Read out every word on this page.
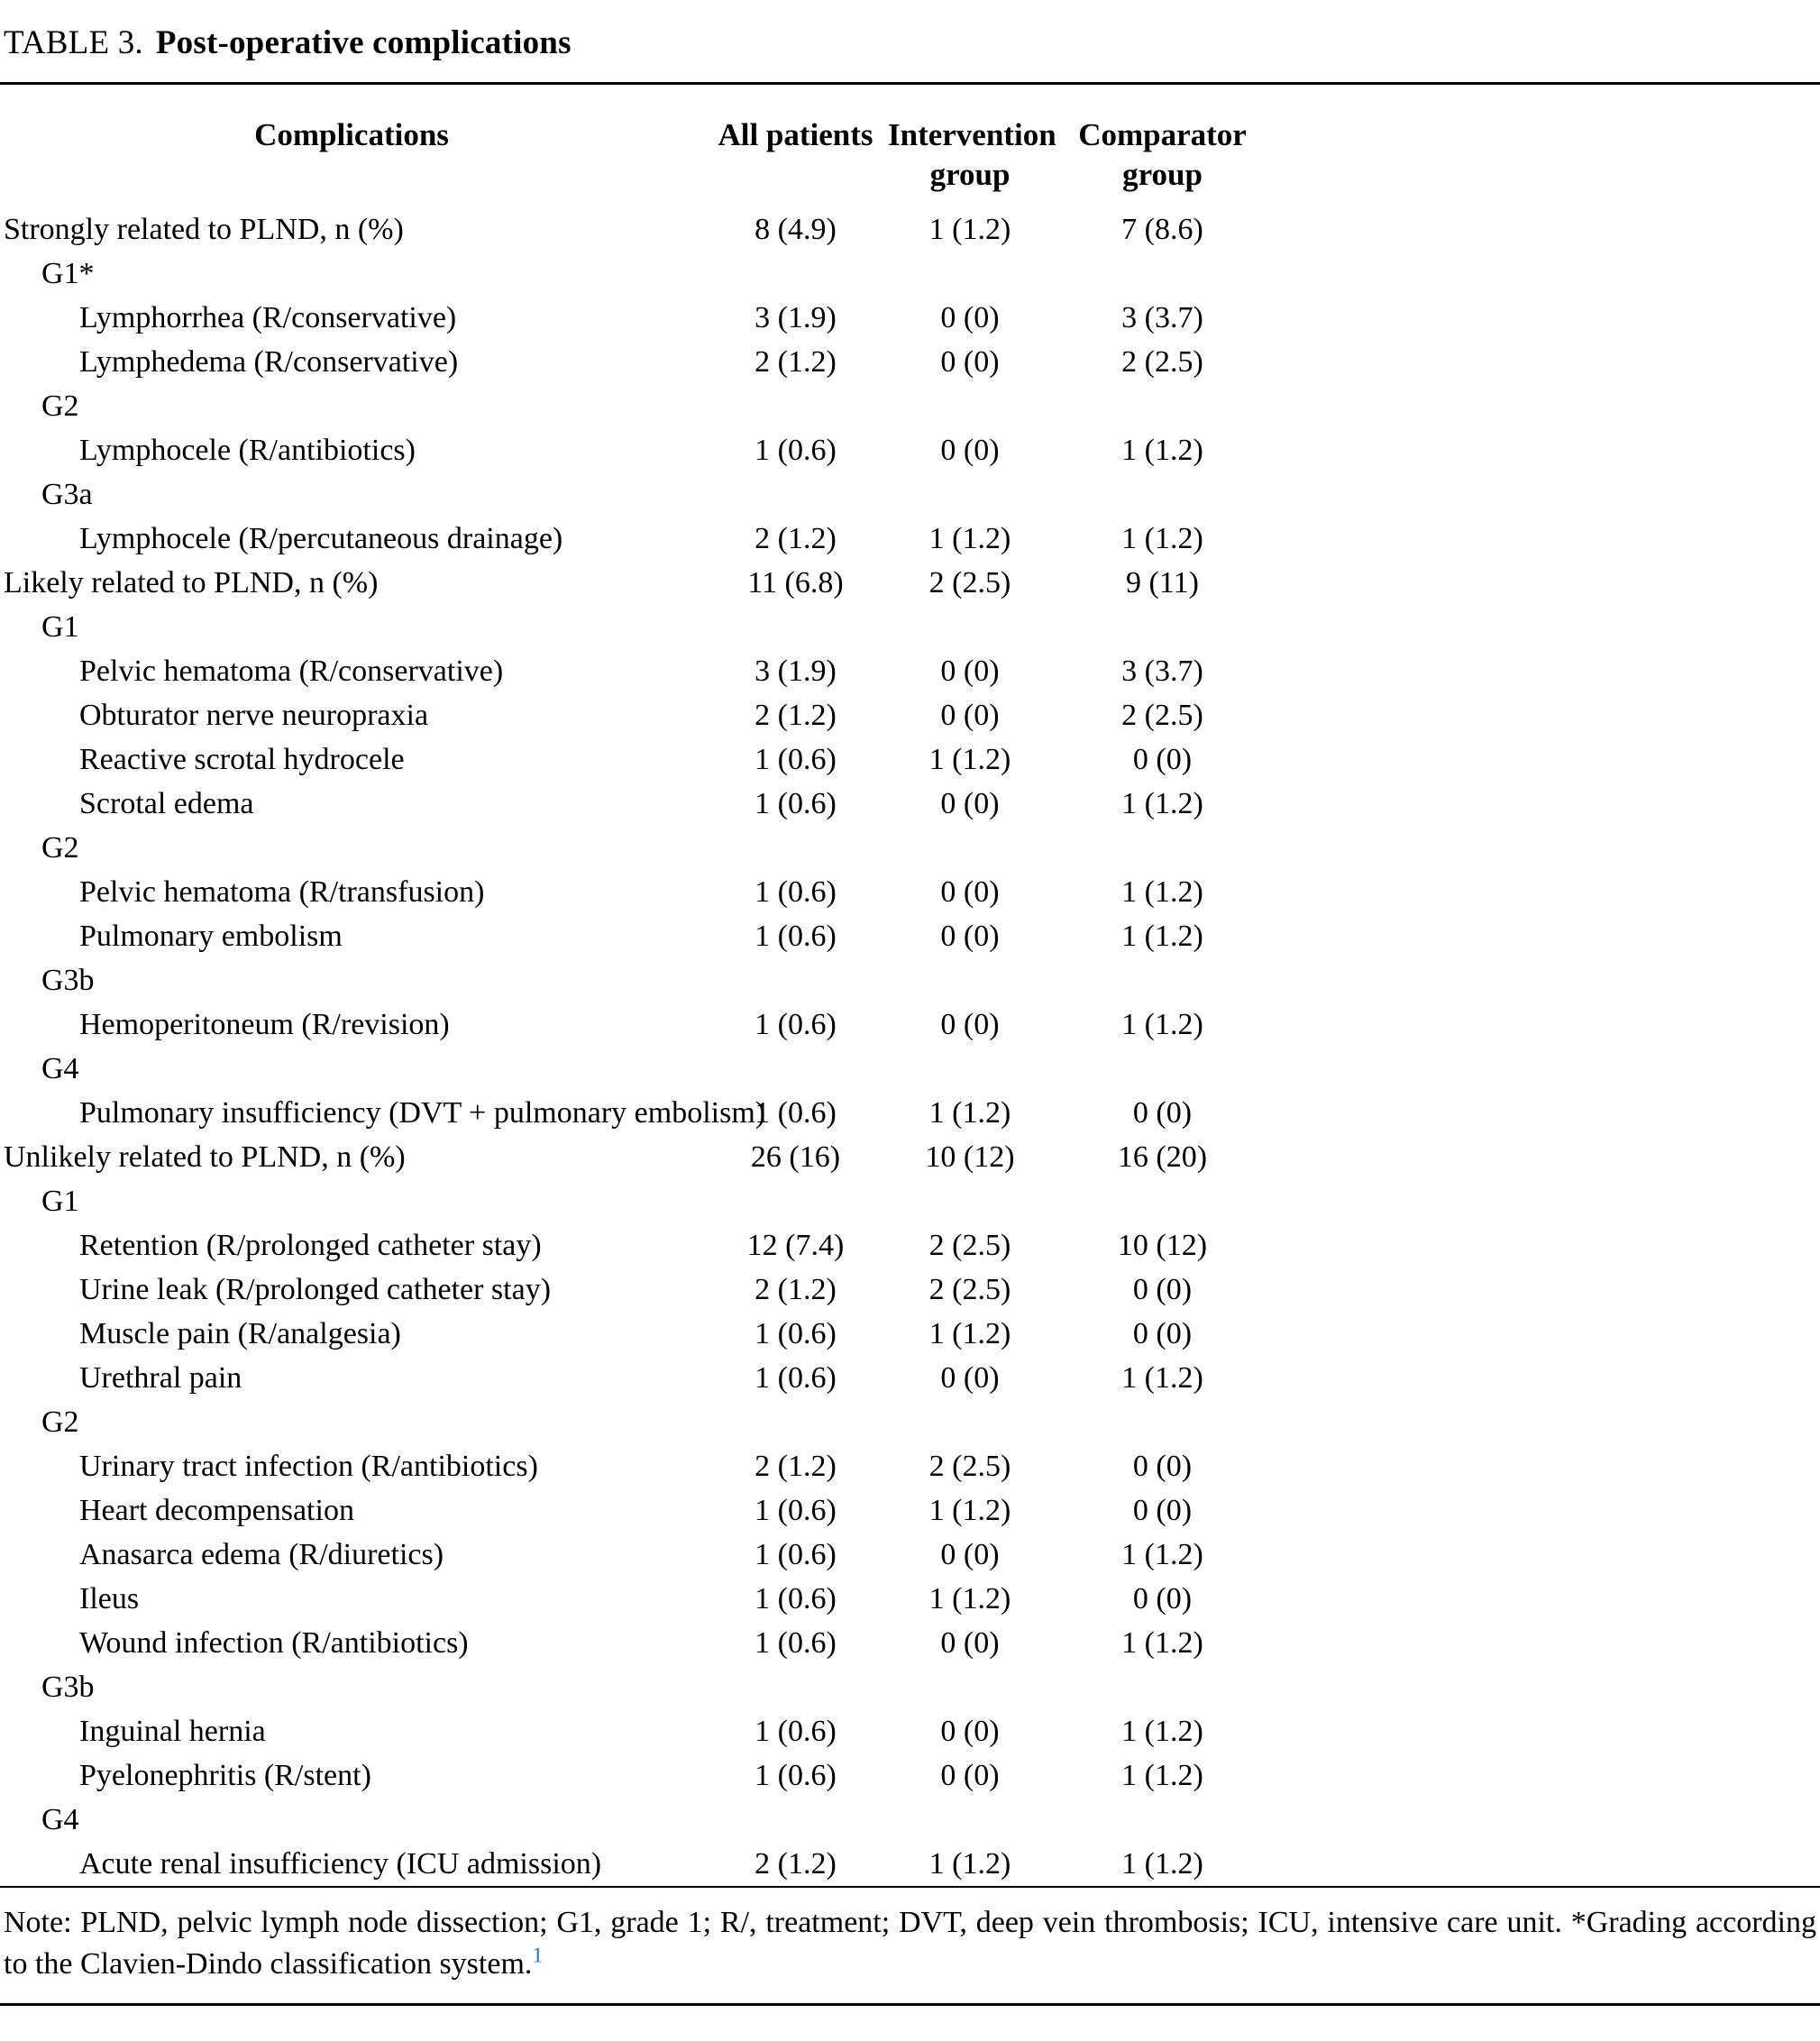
TABLE 3. Post-operative complications
Complications	All patients	Intervention group	Comparator group	
Strongly related to PLND, n (%)	8 (4.9)	1 (1.2)	7 (8.6)	
G1*				
Lymphorrhea (R/conservative)	3 (1.9)	0 (0)	3 (3.7)	
Lymphedema (R/conservative)	2 (1.2)	0 (0)	2 (2.5)	
G2				
Lymphocele (R/antibiotics)	1 (0.6)	0 (0)	1 (1.2)	
G3a				
Lymphocele (R/percutaneous drainage)	2 (1.2)	1 (1.2)	1 (1.2)	
Likely related to PLND, n (%)	11 (6.8)	2 (2.5)	9 (11)	
G1				
Pelvic hematoma (R/conservative)	3 (1.9)	0 (0)	3 (3.7)	
Obturator nerve neuropraxia	2 (1.2)	0 (0)	2 (2.5)	
Reactive scrotal hydrocele	1 (0.6)	1 (1.2)	0 (0)	
Scrotal edema	1 (0.6)	0 (0)	1 (1.2)	
G2				
Pelvic hematoma (R/transfusion)	1 (0.6)	0 (0)	1 (1.2)	
Pulmonary embolism	1 (0.6)	0 (0)	1 (1.2)	
G3b				
Hemoperitoneum (R/revision)	1 (0.6)	0 (0)	1 (1.2)	
G4				
Pulmonary insufficiency (DVT + pulmonary embolism)	1 (0.6)	1 (1.2)	0 (0)	
Unlikely related to PLND, n (%)	26 (16)	10 (12)	16 (20)	
G1				
Retention (R/prolonged catheter stay)	12 (7.4)	2 (2.5)	10 (12)	
Urine leak (R/prolonged catheter stay)	2 (1.2)	2 (2.5)	0 (0)	
Muscle pain (R/analgesia)	1 (0.6)	1 (1.2)	0 (0)	
Urethral pain	1 (0.6)	0 (0)	1 (1.2)	
G2				
Urinary tract infection (R/antibiotics)	2 (1.2)	2 (2.5)	0 (0)	
Heart decompensation	1 (0.6)	1 (1.2)	0 (0)	
Anasarca edema (R/diuretics)	1 (0.6)	0 (0)	1 (1.2)	
Ileus	1 (0.6)	1 (1.2)	0 (0)	
Wound infection (R/antibiotics)	1 (0.6)	0 (0)	1 (1.2)	
G3b				
Inguinal hernia	1 (0.6)	0 (0)	1 (1.2)	
Pyelonephritis (R/stent)	1 (0.6)	0 (0)	1 (1.2)	
G4				
Acute renal insufficiency (ICU admission)	2 (1.2)	1 (1.2)	1 (1.2)	
Note: PLND, pelvic lymph node dissection; G1, grade 1; R/, treatment; DVT, deep vein thrombosis; ICU, intensive care unit. *Grading according to the Clavien-Dindo classification system.$^1$
